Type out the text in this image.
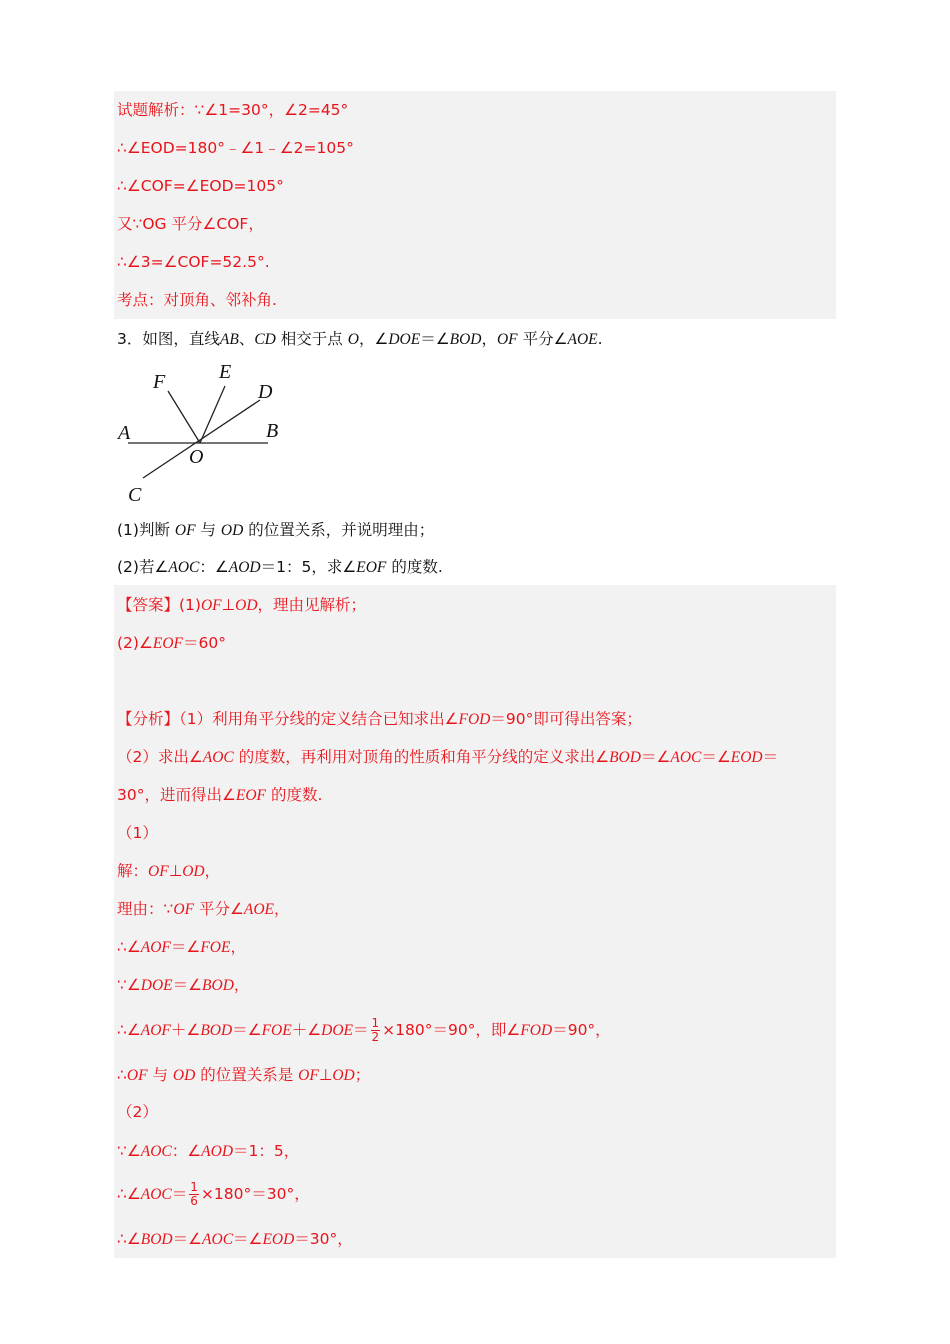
试题解析：∵∠1=30°，∠2=45°
∴∠EOD=180°﹣∠1﹣∠2=105°
∴∠COF=∠EOD=105°
又∵OG 平分∠COF，
∴∠3=∠COF=52.5°.
考点：对顶角、邻补角.
3．如图，直线AB、CD 相交于点 O，∠DOE＝∠BOD，OF 平分∠AOE.
A	B
C
D
E
F
O
(1)判断 OF 与 OD 的位置关系，并说明理由；
(2)若∠AOC：∠AOD＝1：5，求∠EOF 的度数.
【答案】(1)OF⊥OD，理由见解析；
(2)∠EOF＝60°
【分析】（1）利用角平分线的定义结合已知求出∠FOD＝90°即可得出答案；
（2）求出∠AOC 的度数，再利用对顶角的性质和角平分线的定义求出∠BOD＝∠AOC＝∠EOD＝
30°，进而得出∠EOF 的度数.
（1）
解：OF⊥OD，
理由：∵OF 平分∠AOE，
∴∠AOF＝∠FOE，
∵∠DOE＝∠BOD，
∴∠AOF＋∠BOD＝∠FOE＋∠DOE＝ $\frac{1}{2} \times 180^\circ=90^\circ$，即∠FOD＝90°，
∴OF 与 OD 的位置关系是 OF⊥OD；
（2）
∵∠AOC：∠AOD＝1：5，
∴∠AOC＝ $\frac{1}{6} \times 180^\circ=30^\circ$，
∴∠BOD＝∠AOC＝∠EOD＝30°，
